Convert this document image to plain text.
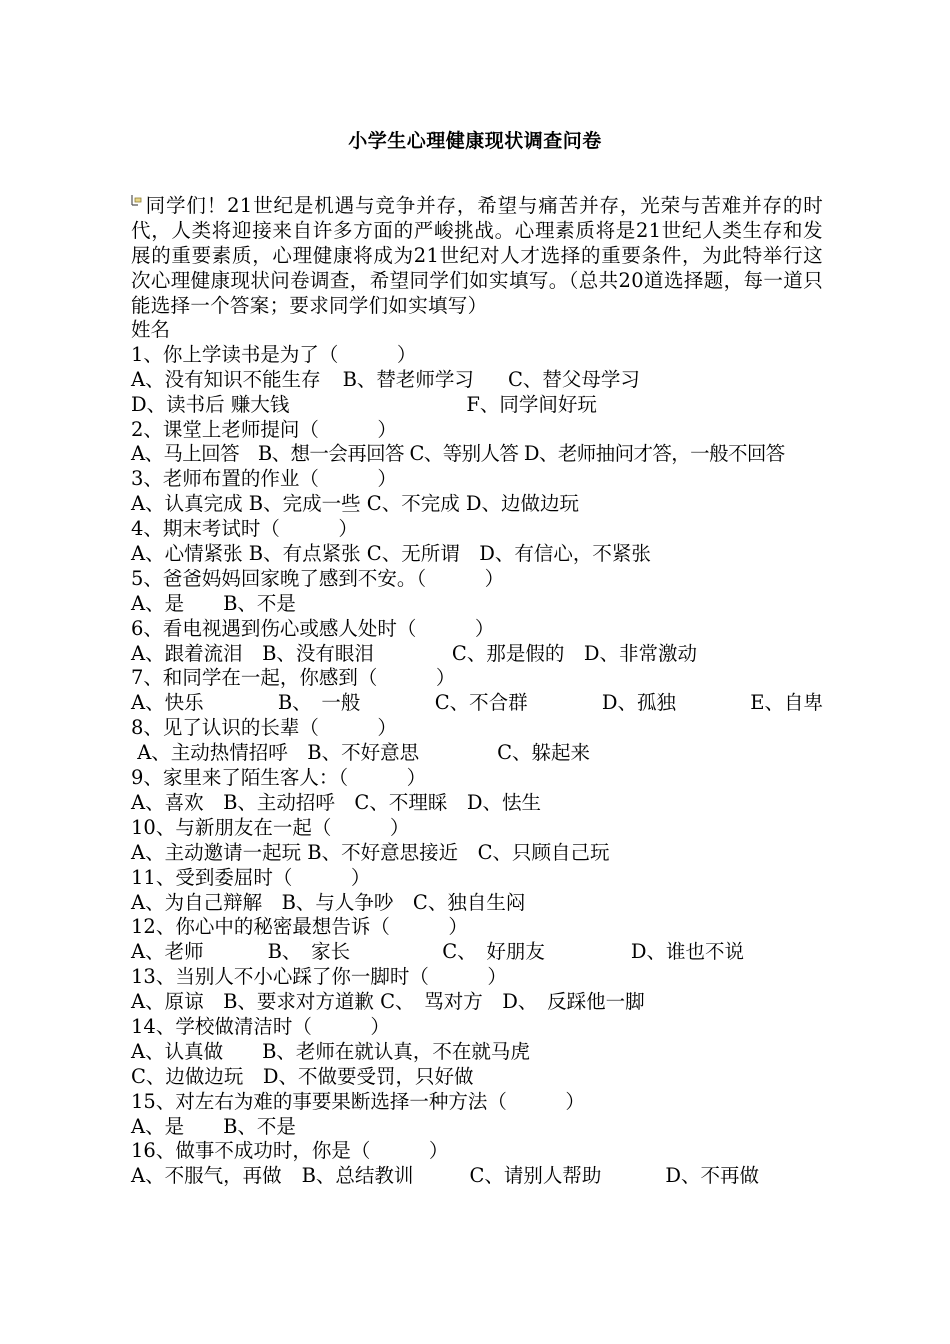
小学生心理健康现状调查问卷

同学们！21世纪是机遇与竞争并存，希望与痛苦并存，光荣与苦难并存的时代，人类将迎接来自许多方面的严峻挑战。心理素质将是21世纪人类生存和发展的重要素质，心理健康将成为21世纪对人才选择的重要条件，为此特举行这次心理健康现状问卷调查，希望同学们如实填写。（总共20道选择题，每一道只能选择一个答案；要求同学们如实填写）

姓名
1、你上学读书是为了（　　　）
A、没有知识不能生存 B、替老师学习 C、替父母学习
D、读书后 赚大钱	F、同学间好玩
2、课堂上老师提问（　　　）
A、马上回答　B、想一会再回答 C、等别人答 D、老师抽问才答，一般不回答
3、老师布置的作业（　　　）
A、认真完成 B、完成一些 C、不完成 D、边做边玩
4、期末考试时（　　　）
A、心情紧张 B、有点紧张 C、无所谓　D、有信心，不紧张
5、爸爸妈妈回家晚了感到不安。（　　　）
A、是　　B、不是
6、看电视遇到伤心或感人处时（　　　）
A、跟着流泪　B、没有眼泪　　　　C、那是假的　D、非常激动
7、和同学在一起，你感到（　　　）
A、快乐	B、　一般	C、不合群	D、孤独	E、自卑
8、见了认识的长辈（　　　）
A、主动热情招呼　B、不好意思　　　　C、躲起来
9、家里来了陌生客人：（　　　）
A、喜欢　B、主动招呼　C、不理睬　D、怯生
10、与新朋友在一起（　　　）
A、主动邀请一起玩 B、不好意思接近　C、只顾自己玩
11、受到委屈时（　　　）
A、为自己辩解　B、与人争吵　C、独自生闷
12、你心中的秘密最想告诉（　　　）
A、老师	B、　家长	C、　好朋友	D、谁也不说
13、当别人不小心踩了你一脚时（　　　）
A、原谅　B、要求对方道歉 C、　骂对方　D、　反踩他一脚
14、学校做清洁时（　　　）
A、认真做　　B、老师在就认真，不在就马虎
C、边做边玩　D、不做要受罚，只好做
15、对左右为难的事要果断选择一种方法（　　　）
A、是　　B、不是
16、做事不成功时，你是（　　　）
A、不服气，再做 B、总结教训	C、请别人帮助	D、不再做
